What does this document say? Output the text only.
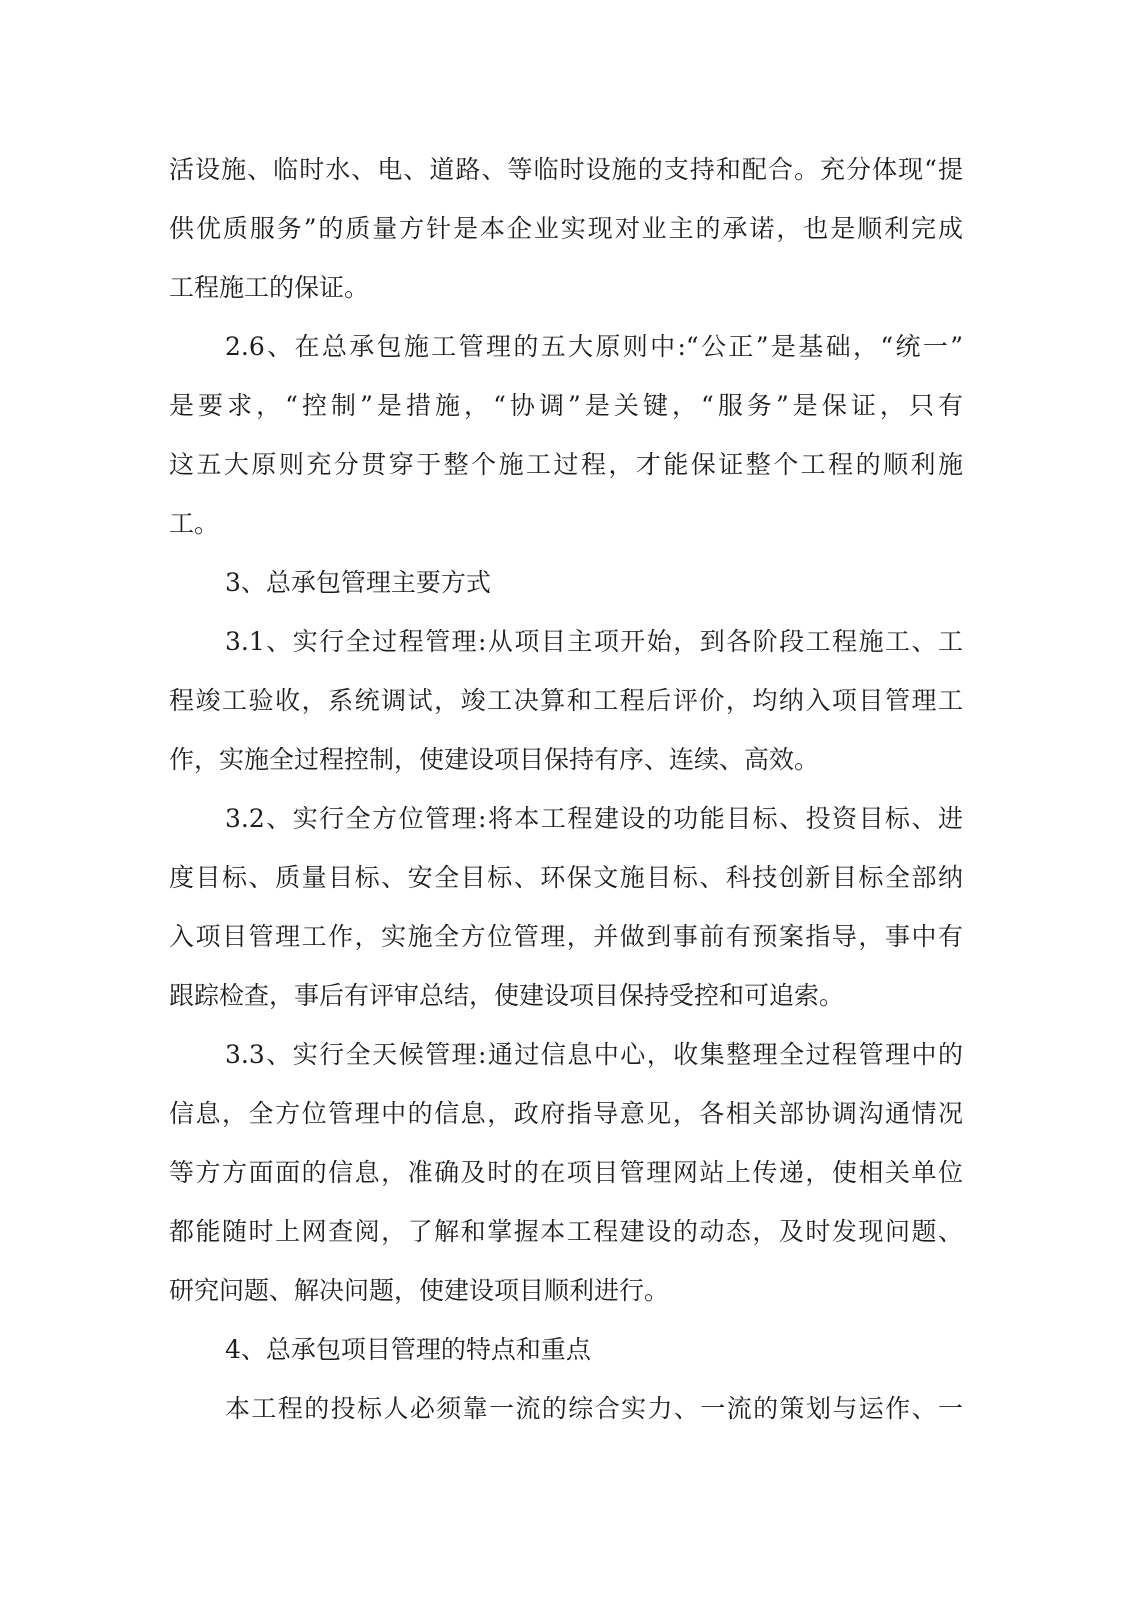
活设施、临时水、电、道路、等临时设施的支持和配合。充分体现“提
供优质服务”的质量方针是本企业实现对业主的承诺，也是顺利完成
工程施工的保证。
2.6、在总承包施工管理的五大原则中:“公正”是基础，“统一”
是要求，“控制”是措施，“协调”是关键，“服务”是保证，只有
这五大原则充分贯穿于整个施工过程，才能保证整个工程的顺利施
工。
3、总承包管理主要方式
3.1、实行全过程管理:从项目主项开始，到各阶段工程施工、工
程竣工验收，系统调试，竣工决算和工程后评价，均纳入项目管理工
作，实施全过程控制，使建设项目保持有序、连续、高效。
3.2、实行全方位管理:将本工程建设的功能目标、投资目标、进
度目标、质量目标、安全目标、环保文施目标、科技创新目标全部纳
入项目管理工作，实施全方位管理，并做到事前有预案指导，事中有
跟踪检查，事后有评审总结，使建设项目保持受控和可追索。
3.3、实行全天候管理:通过信息中心，收集整理全过程管理中的
信息，全方位管理中的信息，政府指导意见，各相关部协调沟通情况
等方方面面的信息，准确及时的在项目管理网站上传递，使相关单位
都能随时上网查阅，了解和掌握本工程建设的动态，及时发现问题、
研究问题、解决问题，使建设项目顺利进行。
4、总承包项目管理的特点和重点
本工程的投标人必须靠一流的综合实力、一流的策划与运作、一
